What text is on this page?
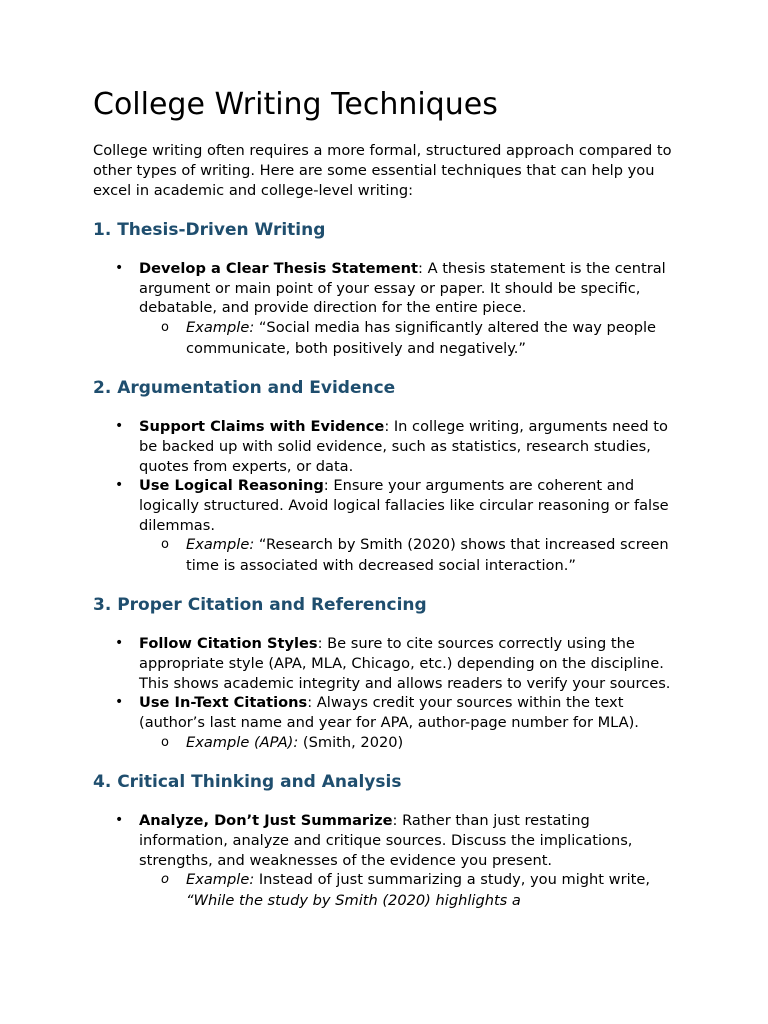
College Writing Techniques

College writing often requires a more formal, structured approach compared to other types of writing. Here are some essential techniques that can help you excel in academic and college-level writing:

1. Thesis-Driven Writing
• Develop a Clear Thesis Statement: A thesis statement is the central argument or main point of your essay or paper. It should be specific, debatable, and provide direction for the entire piece.
o Example: “Social media has significantly altered the way people communicate, both positively and negatively.”
2. Argumentation and Evidence
• Support Claims with Evidence: In college writing, arguments need to be backed up with solid evidence, such as statistics, research studies, quotes from experts, or data.
• Use Logical Reasoning: Ensure your arguments are coherent and logically structured. Avoid logical fallacies like circular reasoning or false dilemmas.
o Example: “Research by Smith (2020) shows that increased screen time is associated with decreased social interaction.”
3. Proper Citation and Referencing
• Follow Citation Styles: Be sure to cite sources correctly using the appropriate style (APA, MLA, Chicago, etc.) depending on the discipline. This shows academic integrity and allows readers to verify your sources.
• Use In-Text Citations: Always credit your sources within the text (author’s last name and year for APA, author-page number for MLA).
o Example (APA): (Smith, 2020)
4. Critical Thinking and Analysis
• Analyze, Don’t Just Summarize: Rather than just restating information, analyze and critique sources. Discuss the implications, strengths, and weaknesses of the evidence you present.
o Example: Instead of just summarizing a study, you might write, “While the study by Smith (2020) highlights a
